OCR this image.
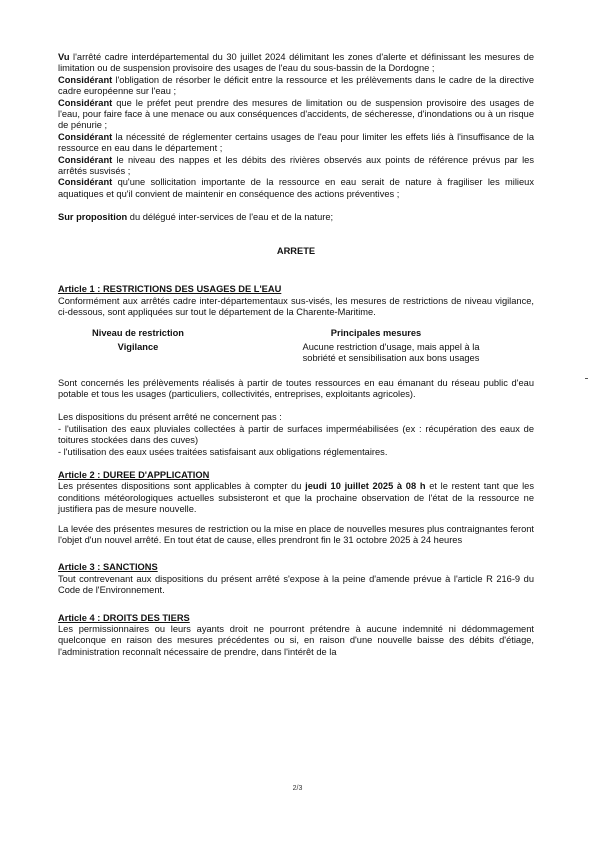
Vu l'arrêté cadre interdépartemental du 30 juillet 2024 délimitant les zones d'alerte et définissant les mesures de limitation ou de suspension provisoire des usages de l'eau du sous-bassin de la Dordogne ;

Considérant l'obligation de résorber le déficit entre la ressource et les prélèvements dans le cadre de la directive cadre européenne sur l'eau ;

Considérant que le préfet peut prendre des mesures de limitation ou de suspension provisoire des usages de l'eau, pour faire face à une menace ou aux conséquences d'accidents, de sécheresse, d'inondations ou à un risque de pénurie ;

Considérant la nécessité de réglementer certains usages de l'eau pour limiter les effets liés à l'insuffisance de la ressource en eau dans le département ;

Considérant le niveau des nappes et les débits des rivières observés aux points de référence prévus par les arrêtés susvisés ;

Considérant qu'une sollicitation importante de la ressource en eau serait de nature à fragiliser les milieux aquatiques et qu'il convient de maintenir en conséquence des actions préventives ;

Sur proposition du délégué inter-services de l'eau et de la nature;

ARRETE

Article 1 : RESTRICTIONS DES USAGES DE L'EAU

Conformément aux arrêtés cadre inter-départementaux sus-visés, les mesures de restrictions de niveau vigilance, ci-dessous, sont appliquées sur tout le département de la Charente-Maritime.

Niveau de restriction	Principales mesures
Vigilance	Aucune restriction d'usage, mais appel à la sobriété et sensibilisation aux bons usages

Sont concernés les prélèvements réalisés à partir de toutes ressources en eau émanant du réseau public d'eau potable et tous les usages (particuliers, collectivités, entreprises, exploitants agricoles).

Les dispositions du présent arrêté ne concernent pas :

- l'utilisation des eaux pluviales collectées à partir de surfaces imperméabilisées (ex : récupération des eaux de toitures stockées dans des cuves)

- l'utilisation des eaux usées traitées satisfaisant aux obligations réglementaires.

Article 2 : DUREE D'APPLICATION

Les présentes dispositions sont applicables à compter du jeudi 10 juillet 2025 à 08 h et le restent tant que les conditions météorologiques actuelles subsisteront et que la prochaine observation de l'état de la ressource ne justifiera pas de mesure nouvelle.

La levée des présentes mesures de restriction ou la mise en place de nouvelles mesures plus contraignantes feront l'objet d'un nouvel arrêté. En tout état de cause, elles prendront fin le 31 octobre 2025 à 24 heures

Article 3 : SANCTIONS

Tout contrevenant aux dispositions du présent arrêté s'expose à la peine d'amende prévue à l'article R 216-9 du Code de l'Environnement.

Article 4 : DROITS DES TIERS

Les permissionnaires ou leurs ayants droit ne pourront prétendre à aucune indemnité ni dédommagement quelconque en raison des mesures précédentes ou si, en raison d'une nouvelle baisse des débits d'étiage, l'administration reconnaît nécessaire de prendre, dans l'intérêt de la

2/3
